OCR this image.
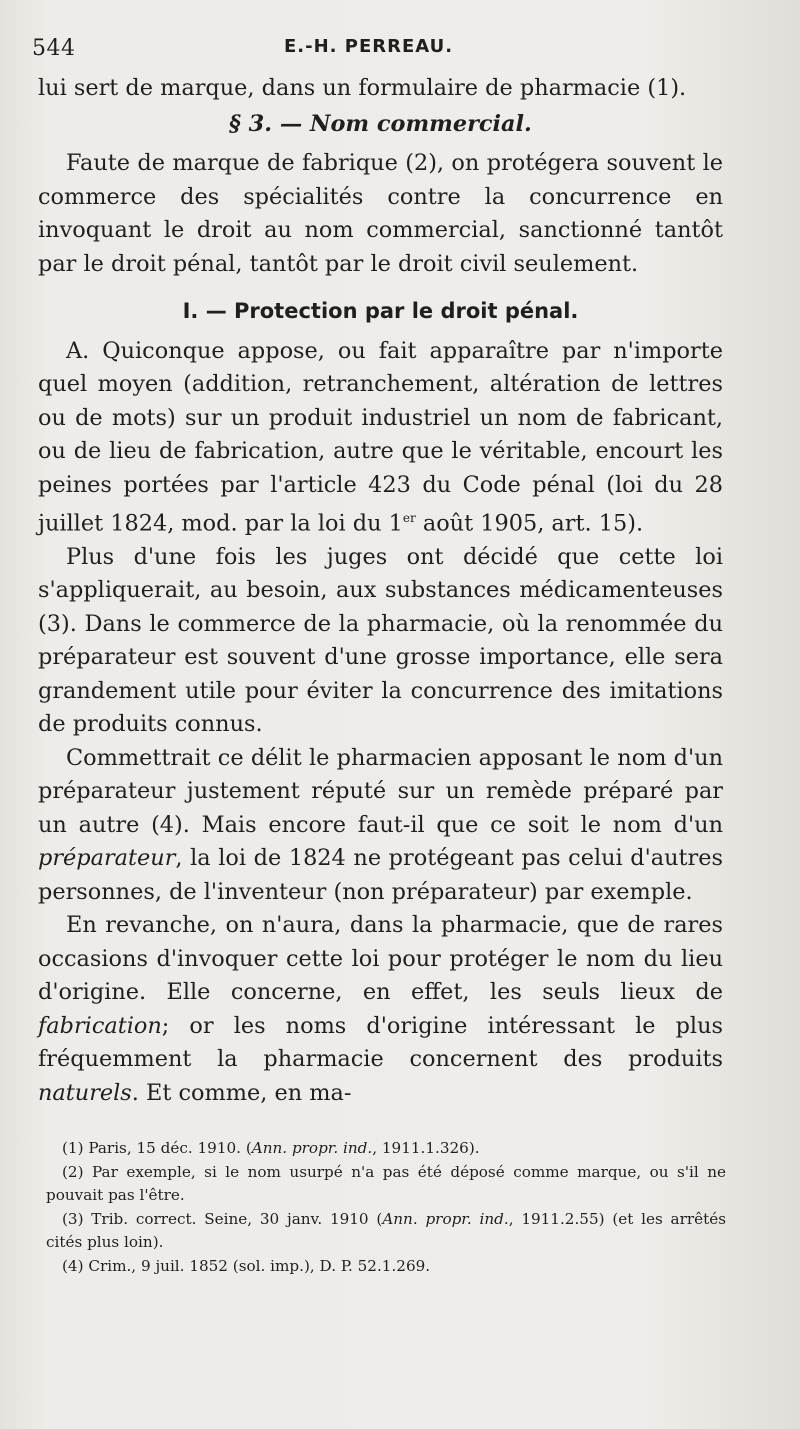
544	E.-H. PERREAU.

lui sert de marque, dans un formulaire de pharmacie (1).

§ 3. — Nom commercial.

Faute de marque de fabrique (2), on protégera souvent le commerce des spécialités contre la concurrence en invoquant le droit au nom commercial, sanctionné tantôt par le droit pénal, tantôt par le droit civil seulement.

I. — Protection par le droit pénal.

A. Quiconque appose, ou fait apparaître par n'importe quel moyen (addition, retranchement, altération de lettres ou de mots) sur un produit industriel un nom de fabricant, ou de lieu de fabrication, autre que le véritable, encourt les peines portées par l'article 423 du Code pénal (loi du 28 juillet 1824, mod. par la loi du 1er août 1905, art. 15).

Plus d'une fois les juges ont décidé que cette loi s'appliquerait, au besoin, aux substances médicamenteuses (3). Dans le commerce de la pharmacie, où la renommée du préparateur est souvent d'une grosse importance, elle sera grandement utile pour éviter la concurrence des imitations de produits connus.

Commettrait ce délit le pharmacien apposant le nom d'un préparateur justement réputé sur un remède préparé par un autre (4). Mais encore faut-il que ce soit le nom d'un préparateur, la loi de 1824 ne protégeant pas celui d'autres personnes, de l'inventeur (non préparateur) par exemple.

En revanche, on n'aura, dans la pharmacie, que de rares occasions d'invoquer cette loi pour protéger le nom du lieu d'origine. Elle concerne, en effet, les seuls lieux de fabrication; or les noms d'origine intéressant le plus fréquemment la pharmacie concernent des produits naturels. Et comme, en ma-

(1) Paris, 15 déc. 1910. (Ann. propr. ind., 1911.1.326).

(2) Par exemple, si le nom usurpé n'a pas été déposé comme marque, ou s'il ne pouvait pas l'être.

(3) Trib. correct. Seine, 30 janv. 1910 (Ann. propr. ind., 1911.2.55) (et les arrêtés cités plus loin).

(4) Crim., 9 juil. 1852 (sol. imp.), D. P. 52.1.269.
